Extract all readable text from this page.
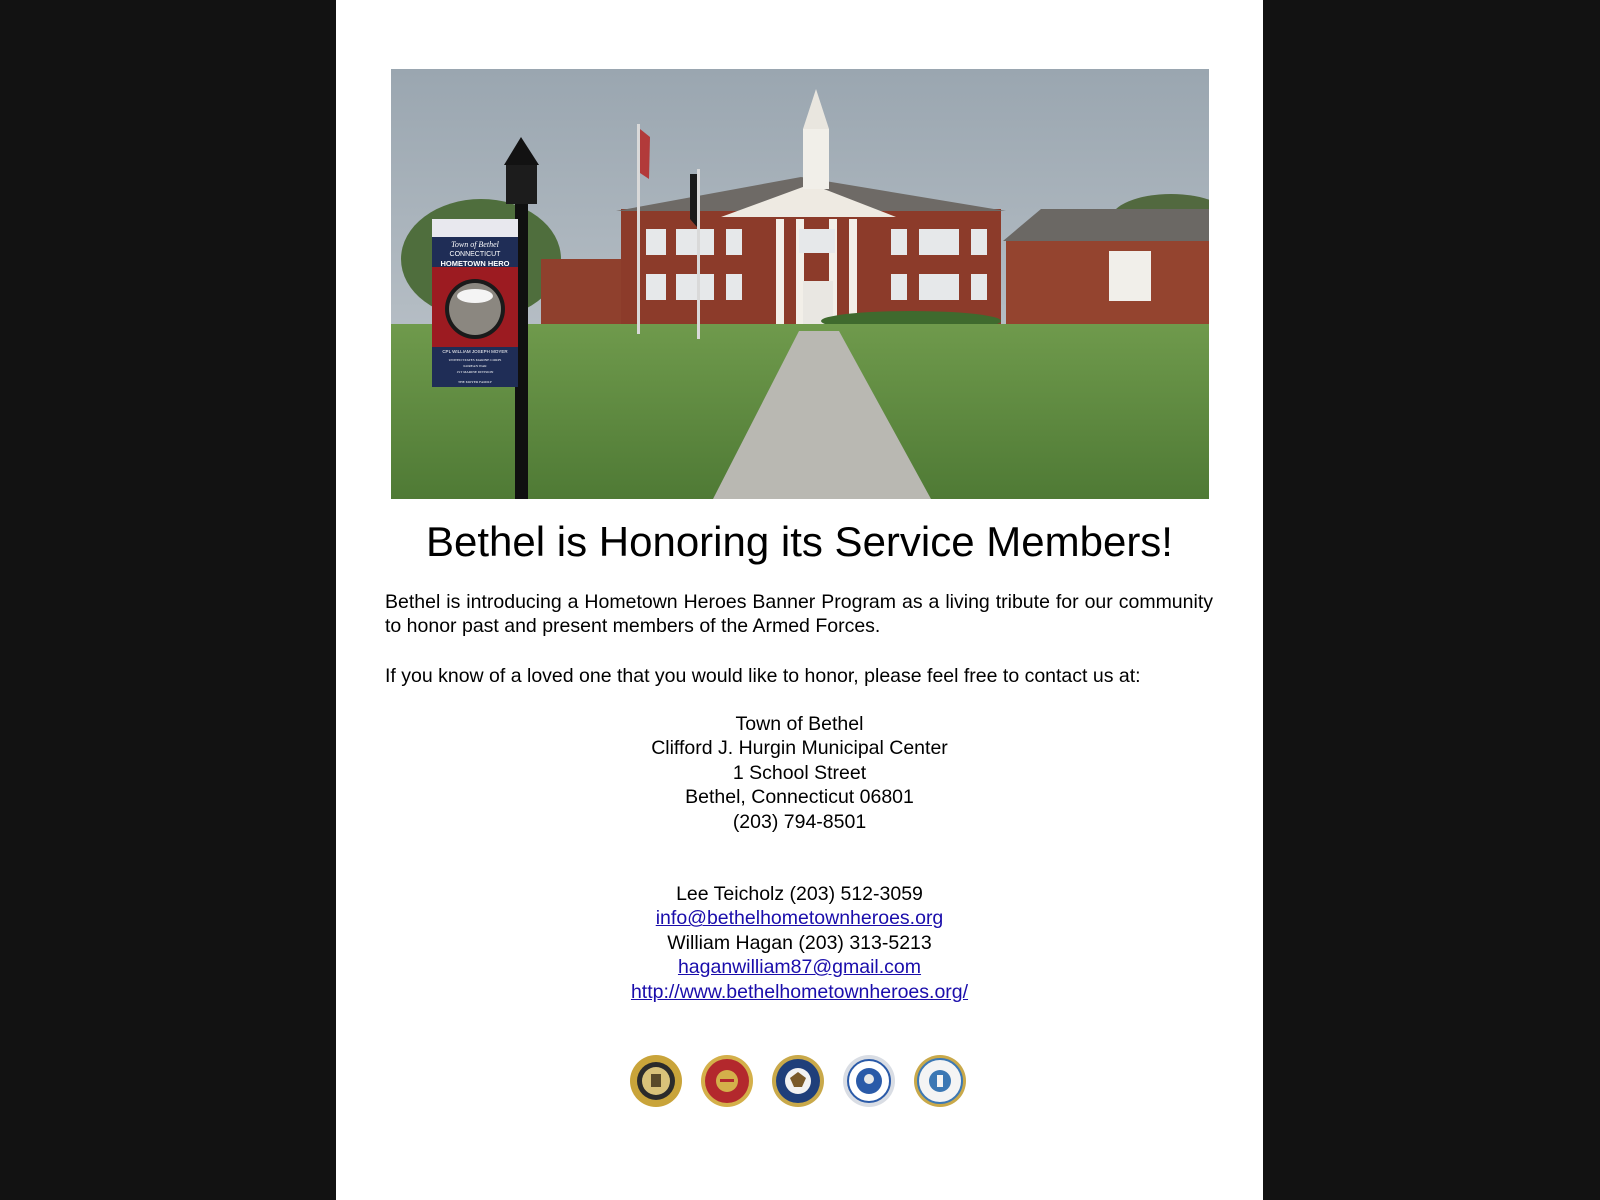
Town of Bethel
CONNECTICUT
HOMETOWN HERO
CPL WILLIAM JOSEPH MOYER
UNITED STATES MARINE CORPS
KOREAN WAR
1ST MARINE DIVISION
THE MOYER FAMILY
Bethel is Honoring its Service Members!

Bethel is introducing a Hometown Heroes Banner Program as a living tribute for our community to honor past and present members of the Armed Forces.

If you know of a loved one that you would like to honor, please feel free to contact us at:

Town of Bethel
Clifford J. Hurgin Municipal Center
1 School Street
Bethel, Connecticut 06801
(203) 794-8501
Lee Teicholz (203) 512-3059
info@bethelhometownheroes.org
William Hagan (203) 313-5213
haganwilliam87@gmail.com
http://www.bethelhometownheroes.org/
